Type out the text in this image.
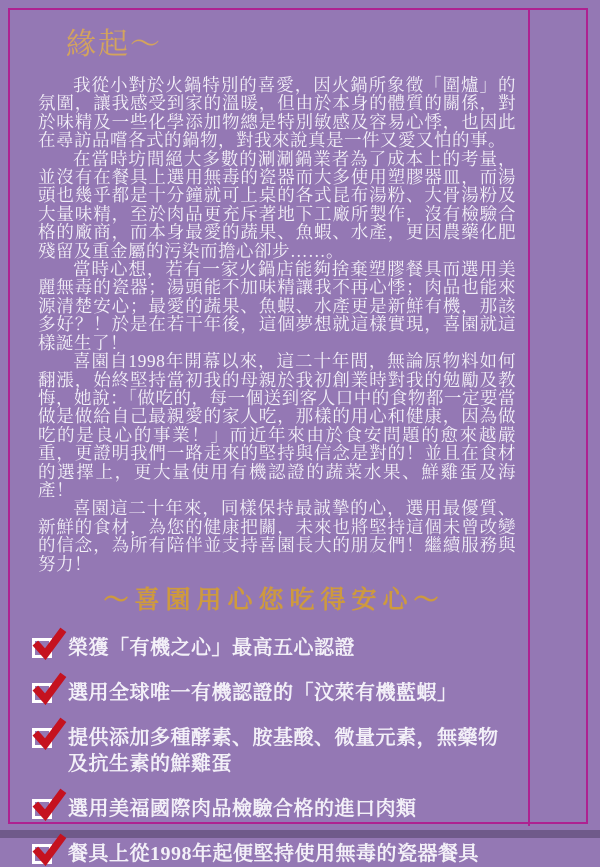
緣起～

我從小對於火鍋特別的喜愛，因火鍋所象徵「圍爐」的氛圍，讓我感受到家的溫暖，但由於本身的體質的關係，對於味精及一些化學添加物總是特別敏感及容易心悸，也因此在尋訪品嚐各式的鍋物，對我來說真是一件又愛又怕的事。

在當時坊間絕大多數的涮涮鍋業者為了成本上的考量，並沒有在餐具上選用無毒的瓷器而大多使用塑膠器皿，而湯頭也幾乎都是十分鐘就可上桌的各式昆布湯粉、大骨湯粉及大量味精，至於肉品更充斥著地下工廠所製作，沒有檢驗合格的廠商，而本身最愛的蔬果、魚蝦、水產，更因農藥化肥殘留及重金屬的污染而擔心卻步……。

當時心想，若有一家火鍋店能夠捨棄塑膠餐具而選用美麗無毒的瓷器；湯頭能不加味精讓我不再心悸；肉品也能來源清楚安心；最愛的蔬果、魚蝦、水產更是新鮮有機，那該多好？！於是在若干年後，這個夢想就這樣實現，喜園就這樣誕生了！

喜園自1998年開幕以來，這二十年間，無論原物料如何翻漲，始終堅持當初我的母親於我初創業時對我的勉勵及教悔，她說：「做吃的，每一個送到客人口中的食物都一定要當做是做給自己最親愛的家人吃，那樣的用心和健康，因為做吃的是良心的事業！」而近年來由於食安問題的愈來越嚴重，更證明我們一路走來的堅持與信念是對的！並且在食材的選擇上，更大量使用有機認證的蔬菜水果、鮮雞蛋及海產！

喜園這二十年來，同樣保持最誠摯的心，選用最優質、新鮮的食材，為您的健康把關，未來也將堅持這個未曾改變的信念，為所有陪伴並支持喜園長大的朋友們！繼續服務與努力！

～喜園用心您吃得安心～
榮獲「有機之心」最高五心認證
選用全球唯一有機認證的「汶萊有機藍蝦」
提供添加多種酵素、胺基酸、微量元素，無藥物及抗生素的鮮雞蛋
選用美福國際肉品檢驗合格的進口肉類
餐具上從1998年起便堅持使用無毒的瓷器餐具
